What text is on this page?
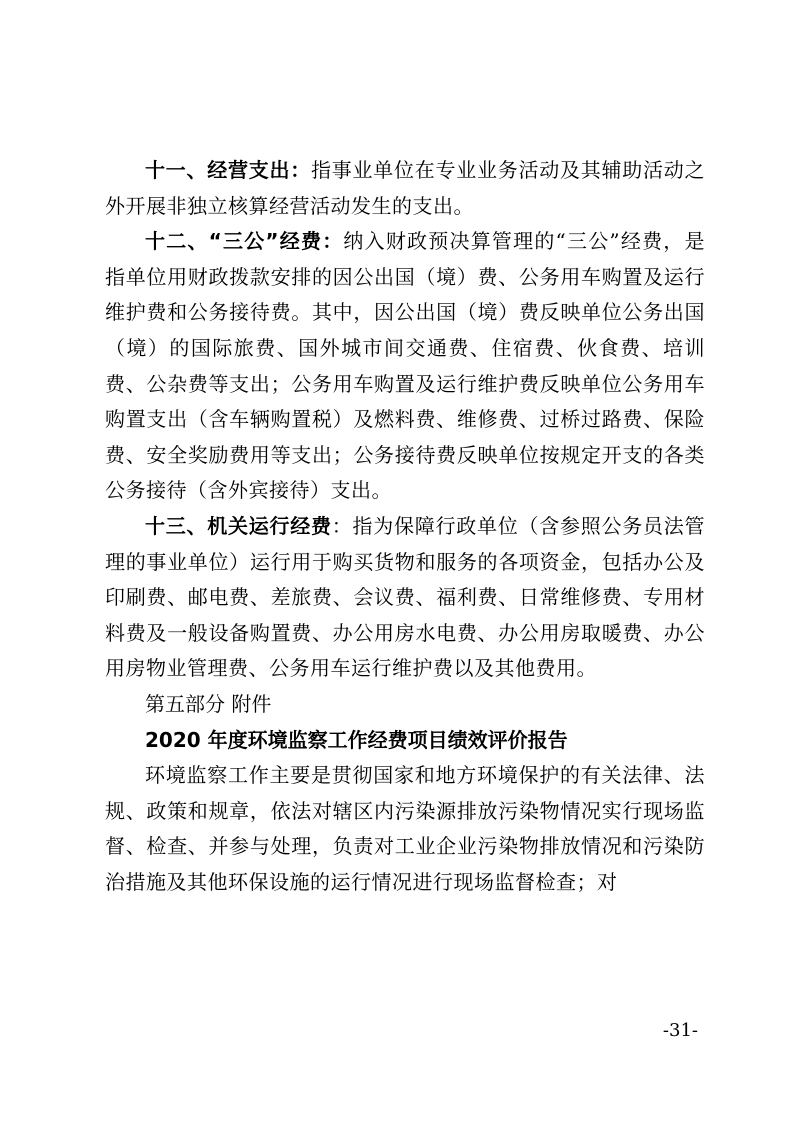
十一、经营支出：指事业单位在专业业务活动及其辅助活动之外开展非独立核算经营活动发生的支出。

十二、“三公”经费：纳入财政预决算管理的“三公”经费，是指单位用财政拨款安排的因公出国（境）费、公务用车购置及运行维护费和公务接待费。其中，因公出国（境）费反映单位公务出国（境）的国际旅费、国外城市间交通费、住宿费、伙食费、培训费、公杂费等支出；公务用车购置及运行维护费反映单位公务用车购置支出（含车辆购置税）及燃料费、维修费、过桥过路费、保险费、安全奖励费用等支出；公务接待费反映单位按规定开支的各类公务接待（含外宾接待）支出。

十三、机关运行经费：指为保障行政单位（含参照公务员法管理的事业单位）运行用于购买货物和服务的各项资金，包括办公及印刷费、邮电费、差旅费、会议费、福利费、日常维修费、专用材料费及一般设备购置费、办公用房水电费、办公用房取暖费、办公用房物业管理费、公务用车运行维护费以及其他费用。

第五部分 附件

2020 年度环境监察工作经费项目绩效评价报告

环境监察工作主要是贯彻国家和地方环境保护的有关法律、法规、政策和规章，依法对辖区内污染源排放污染物情况实行现场监督、检查、并参与处理，负责对工业企业污染物排放情况和污染防治措施及其他环保设施的运行情况进行现场监督检查；对

-31-
